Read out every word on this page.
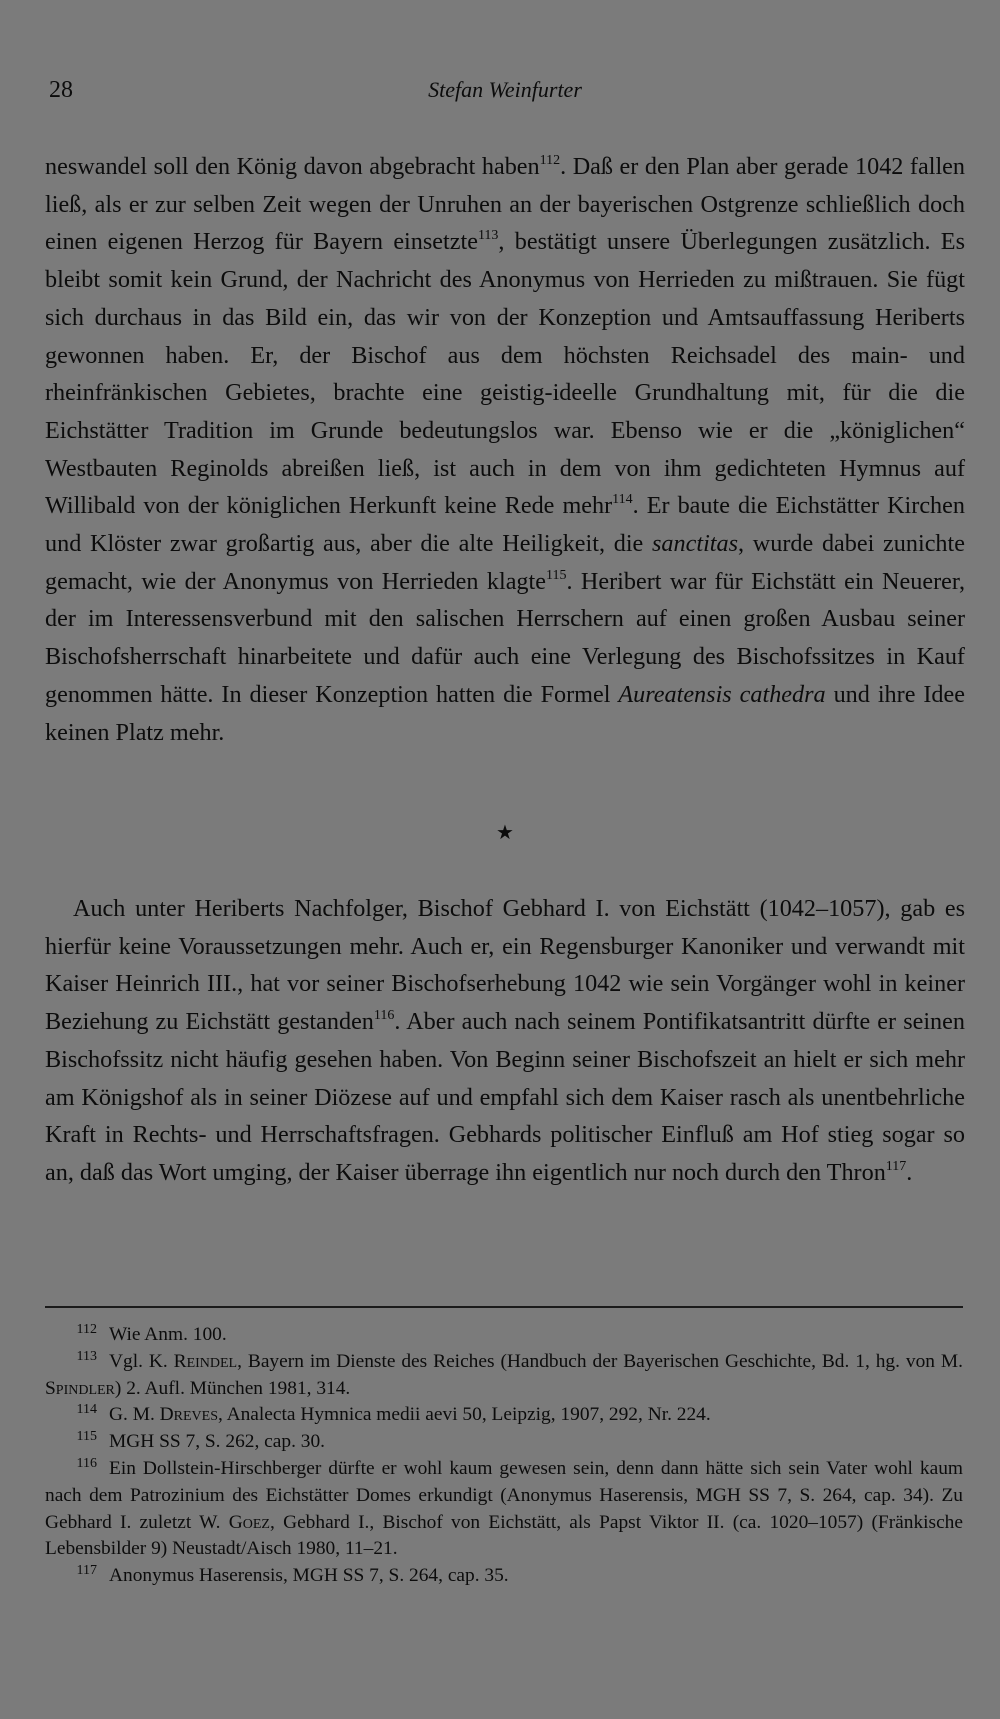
28	Stefan Weinfurter

neswandel soll den König davon abgebracht haben$^{112}$. Daß er den Plan aber gerade 1042 fallen ließ, als er zur selben Zeit wegen der Unruhen an der bayerischen Ostgrenze schließlich doch einen eigenen Herzog für Bayern einsetzte$^{113}$, bestätigt unsere Überlegungen zusätzlich. Es bleibt somit kein Grund, der Nachricht des Anonymus von Herrieden zu mißtrauen. Sie fügt sich durchaus in das Bild ein, das wir von der Konzeption und Amtsauffassung Heriberts gewonnen haben. Er, der Bischof aus dem höchsten Reichsadel des main- und rheinfränkischen Gebietes, brachte eine geistig-ideelle Grundhaltung mit, für die die Eichstätter Tradition im Grunde bedeutungslos war. Ebenso wie er die „königlichen“ Westbauten Reginolds abreißen ließ, ist auch in dem von ihm gedichteten Hymnus auf Willibald von der königlichen Herkunft keine Rede mehr$^{114}$. Er baute die Eichstätter Kirchen und Klöster zwar großartig aus, aber die alte Heiligkeit, die sanctitas, wurde dabei zunichte gemacht, wie der Anonymus von Herrieden klagte$^{115}$. Heribert war für Eichstätt ein Neuerer, der im Interessensverbund mit den salischen Herrschern auf einen großen Ausbau seiner Bischofsherrschaft hinarbeitete und dafür auch eine Verlegung des Bischofssitzes in Kauf genommen hätte. In dieser Konzeption hatten die Formel Aureatensis cathedra und ihre Idee keinen Platz mehr.

★

Auch unter Heriberts Nachfolger, Bischof Gebhard I. von Eichstätt (1042–1057), gab es hierfür keine Voraussetzungen mehr. Auch er, ein Regensburger Kanoniker und verwandt mit Kaiser Heinrich III., hat vor seiner Bischofserhebung 1042 wie sein Vorgänger wohl in keiner Beziehung zu Eichstätt gestanden$^{116}$. Aber auch nach seinem Pontifikatsantritt dürfte er seinen Bischofssitz nicht häufig gesehen haben. Von Beginn seiner Bischofszeit an hielt er sich mehr am Königshof als in seiner Diözese auf und empfahl sich dem Kaiser rasch als unentbehrliche Kraft in Rechts- und Herrschaftsfragen. Gebhards politischer Einfluß am Hof stieg sogar so an, daß das Wort umging, der Kaiser überrage ihn eigentlich nur noch durch den Thron$^{117}$.

112 Wie Anm. 100.

113 Vgl. K. Reindel, Bayern im Dienste des Reiches (Handbuch der Bayerischen Geschichte, Bd. 1, hg. von M. Spindler) 2. Aufl. München 1981, 314.

114 G. M. Dreves, Analecta Hymnica medii aevi 50, Leipzig, 1907, 292, Nr. 224.

115 MGH SS 7, S. 262, cap. 30.

116 Ein Dollstein-Hirschberger dürfte er wohl kaum gewesen sein, denn dann hätte sich sein Vater wohl kaum nach dem Patrozinium des Eichstätter Domes erkundigt (Anonymus Haserensis, MGH SS 7, S. 264, cap. 34). Zu Gebhard I. zuletzt W. Goez, Gebhard I., Bischof von Eichstätt, als Papst Viktor II. (ca. 1020–1057) (Fränkische Lebensbilder 9) Neustadt/Aisch 1980, 11–21.

117 Anonymus Haserensis, MGH SS 7, S. 264, cap. 35.
